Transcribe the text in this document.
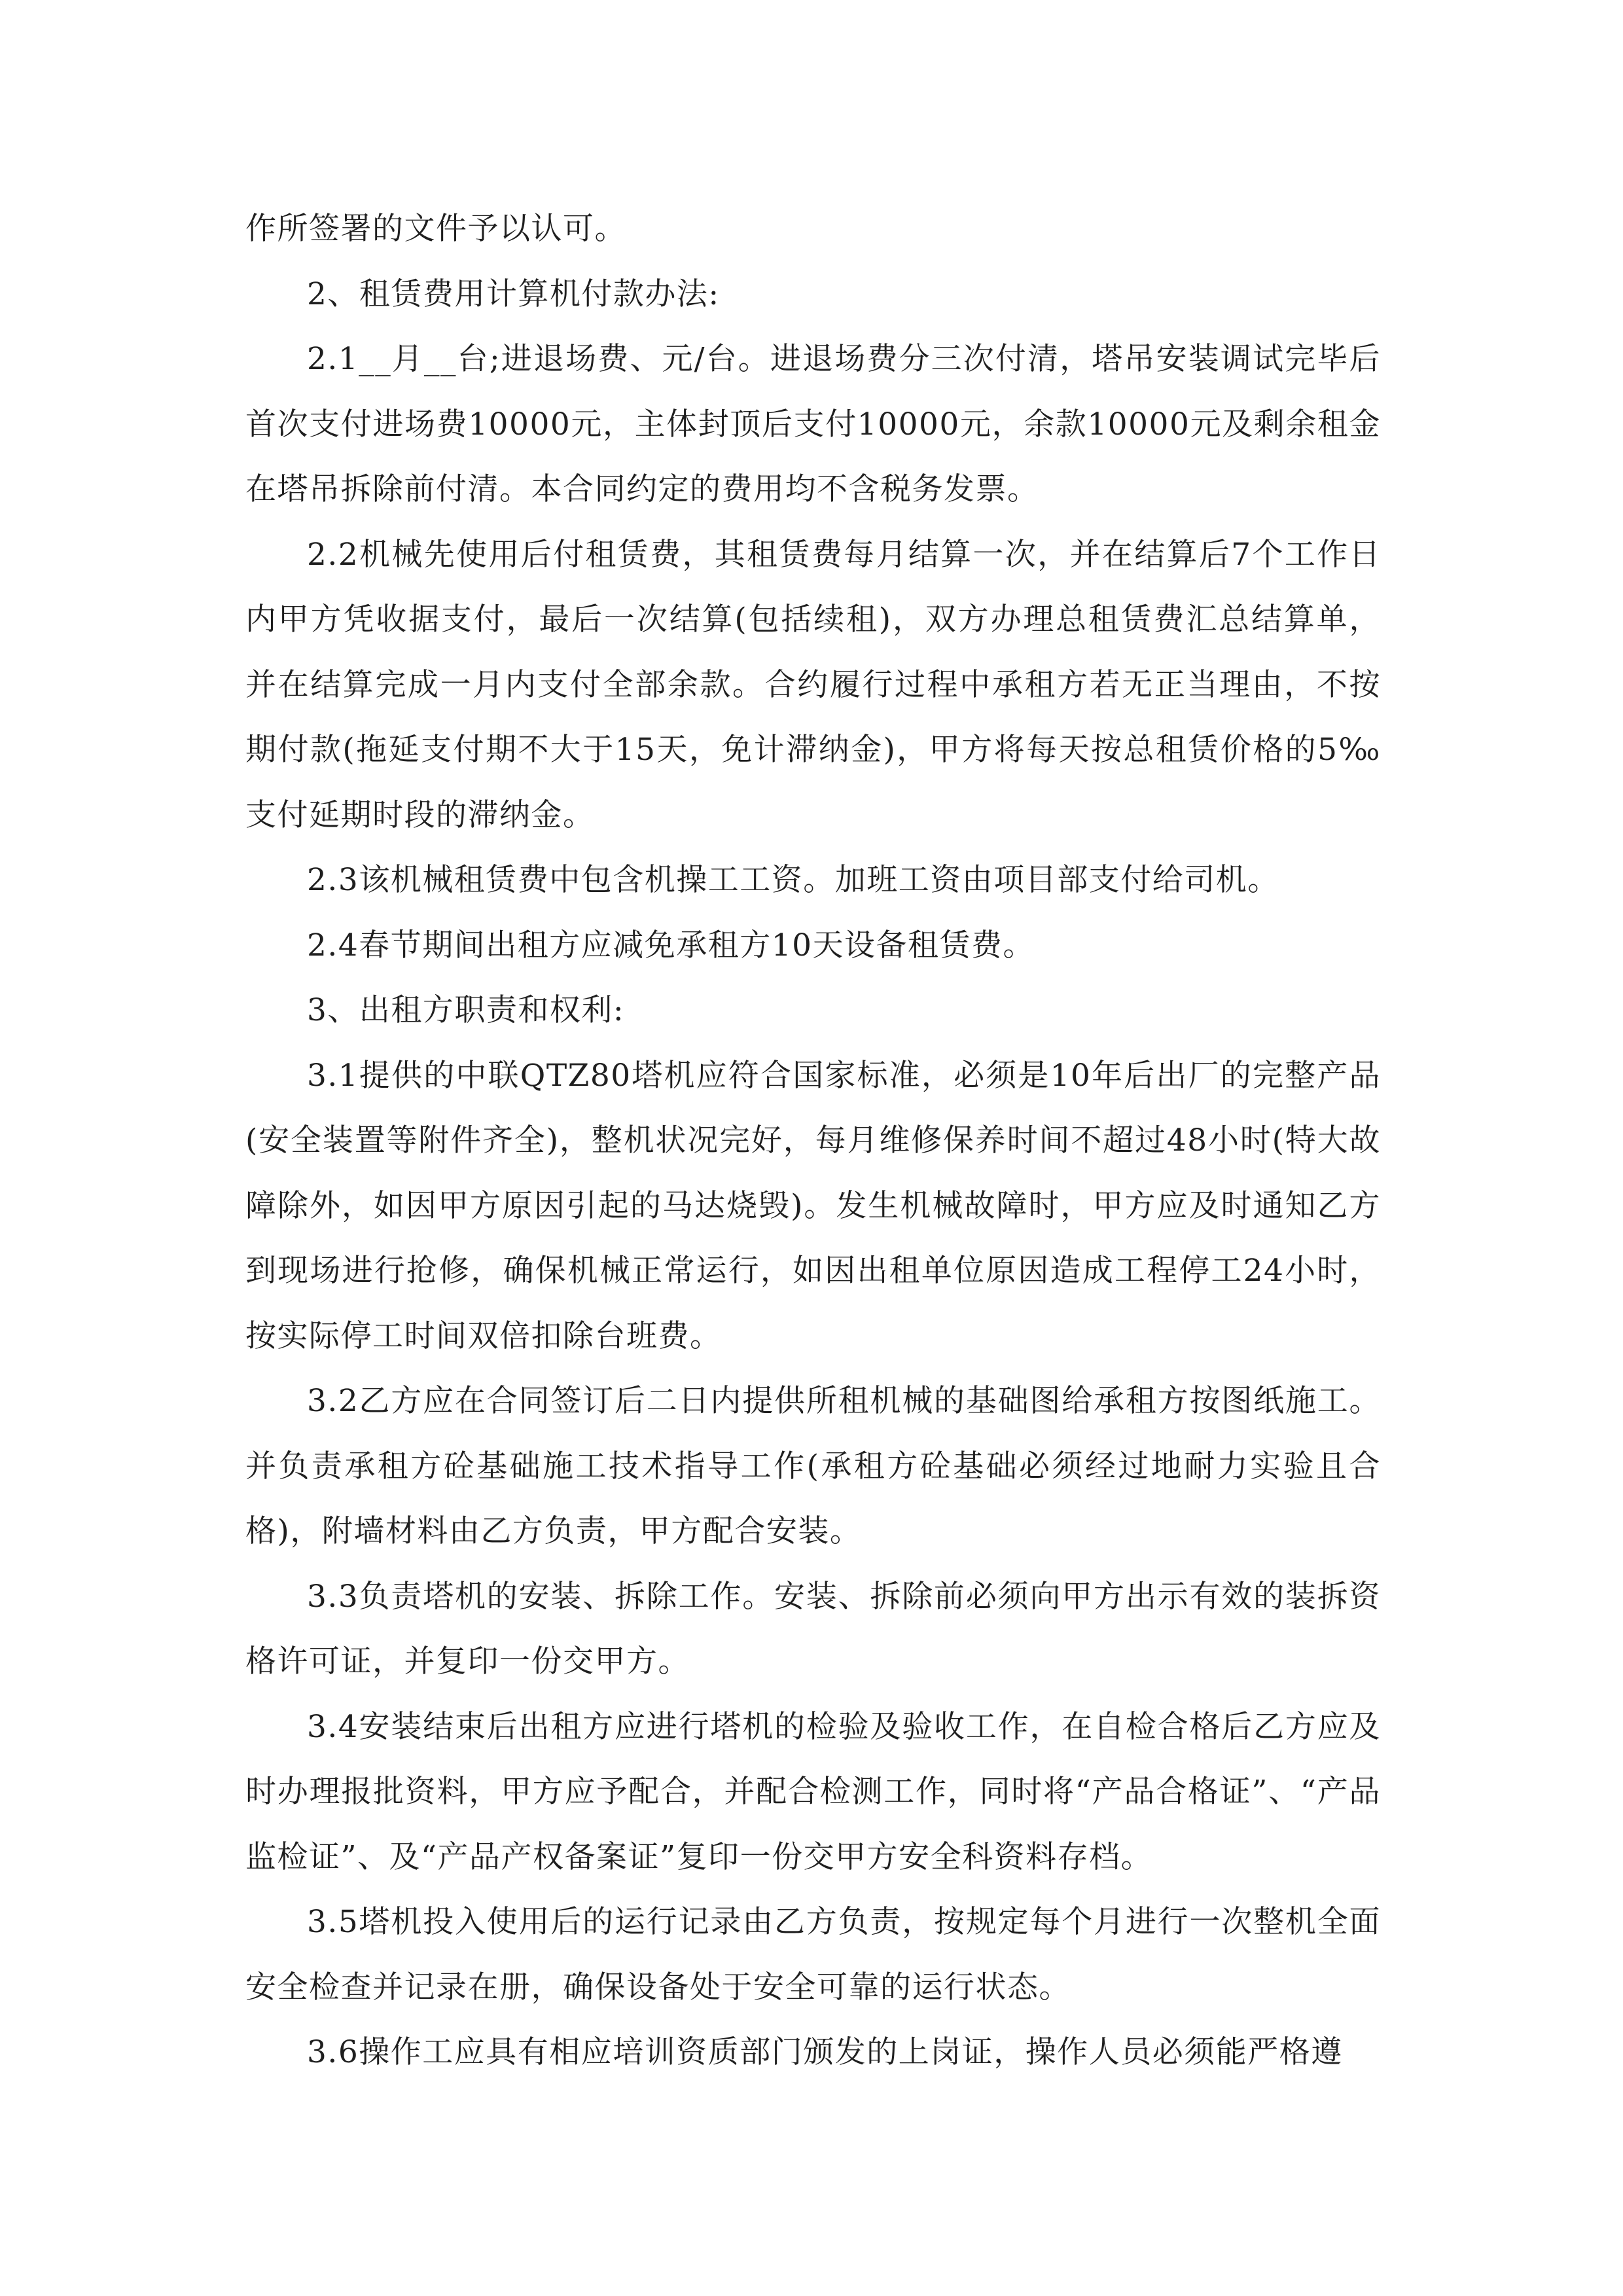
作所签署的文件予以认可。

2、租赁费用计算机付款办法:

2.1__月__台;进退场费、元/台。进退场费分三次付清，塔吊安装调试完毕后首次支付进场费10000元，主体封顶后支付10000元，余款10000元及剩余租金在塔吊拆除前付清。本合同约定的费用均不含税务发票。

2.2机械先使用后付租赁费，其租赁费每月结算一次，并在结算后7个工作日内甲方凭收据支付，最后一次结算(包括续租)，双方办理总租赁费汇总结算单，并在结算完成一月内支付全部余款。合约履行过程中承租方若无正当理由，不按期付款(拖延支付期不大于15天，免计滞纳金)，甲方将每天按总租赁价格的5‰支付延期时段的滞纳金。

2.3该机械租赁费中包含机操工工资。加班工资由项目部支付给司机。

2.4春节期间出租方应减免承租方10天设备租赁费。

3、出租方职责和权利:

3.1提供的中联QTZ80塔机应符合国家标准，必须是10年后出厂的完整产品(安全装置等附件齐全)，整机状况完好，每月维修保养时间不超过48小时(特大故障除外，如因甲方原因引起的马达烧毁)。发生机械故障时，甲方应及时通知乙方到现场进行抢修，确保机械正常运行，如因出租单位原因造成工程停工24小时，按实际停工时间双倍扣除台班费。

3.2乙方应在合同签订后二日内提供所租机械的基础图给承租方按图纸施工。并负责承租方砼基础施工技术指导工作(承租方砼基础必须经过地耐力实验且合格)，附墙材料由乙方负责，甲方配合安装。

3.3负责塔机的安装、拆除工作。安装、拆除前必须向甲方出示有效的装拆资格许可证，并复印一份交甲方。

3.4安装结束后出租方应进行塔机的检验及验收工作，在自检合格后乙方应及时办理报批资料，甲方应予配合，并配合检测工作，同时将“产品合格证”、“产品监检证”、及“产品产权备案证”复印一份交甲方安全科资料存档。

3.5塔机投入使用后的运行记录由乙方负责，按规定每个月进行一次整机全面安全检查并记录在册，确保设备处于安全可靠的运行状态。

3.6操作工应具有相应培训资质部门颁发的上岗证，操作人员必须能严格遵
